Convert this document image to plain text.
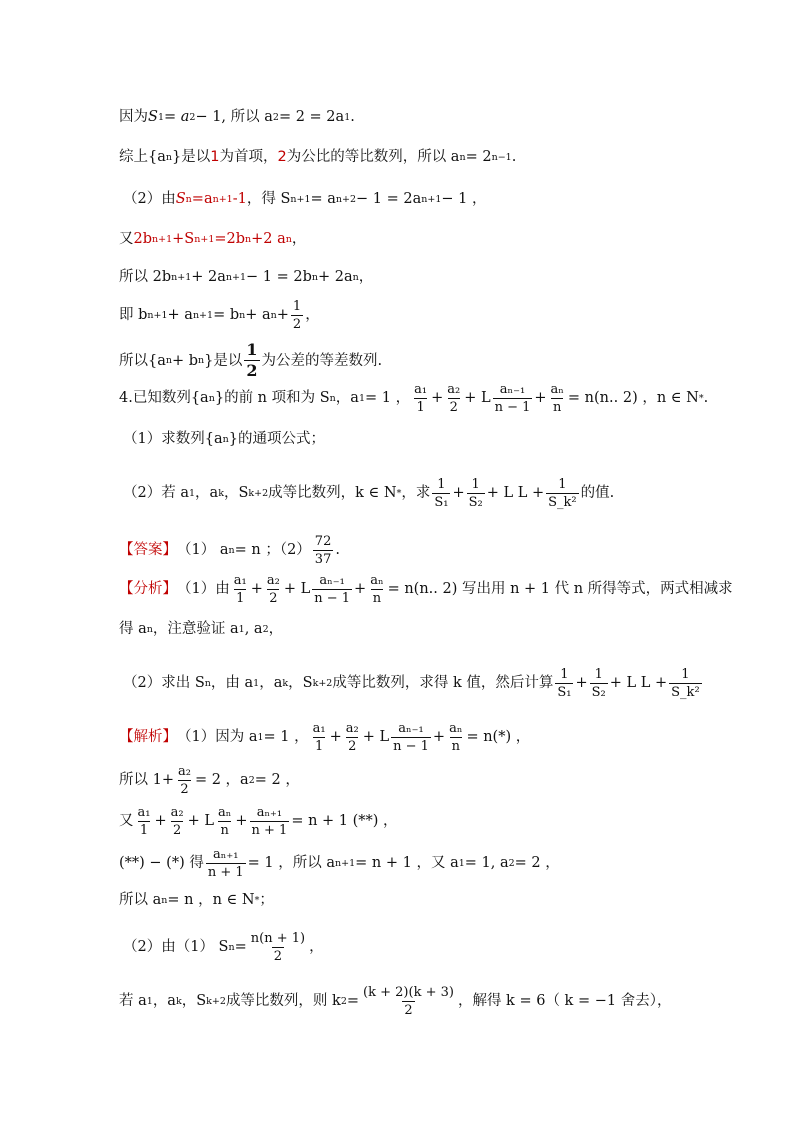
因为 S 1 = a 2 − 1, 所以 a 2 = 2 = 2a 1 .
综上{a n }是以 1 为首项， 2 为公比的等比数列，所以 a n = 2 n−1 .
（2）由 S n =a n+1 -1 ，得 S n+1 = a n+2 − 1 = 2a n+1 − 1 ，
又 2b n+1 +S n+1 =2b n +2 a n ，
所以 2b n+1 + 2a n+1 − 1 = 2b n + 2a n ，
即 b n+1 + a n+1 = b n + a $n + \frac{1}{2}$ ，
所以{a n + b n }是以 $\frac{1}{2}$ 为公差的等差数列.
4.已知数列{a n }的前 n 项和为 S n ，a 1 = 1 ， $\frac{\text{a₁}}{1} + \frac{\text{a₂}}{2} + L \frac{\text{aₙ₋₁}}{n - 1} + \frac{\text{aₙ}}{n} = n(n$.. 2) ，n ∈ N * .
（1）求数列{a n }的通项公式；
（2）若 a 1 ，a k ，S k+2 成等比数列，k ∈ N * ，求 $\frac{1}{\text{S₁}} + \frac{1}{\text{S₂}} + L$ $L + \frac{1}{\text{S\_k²}}$ 的值.
【答案】 （1） a n = n ；$(2) \frac{72}{37}$ .
【分析】 （1）由 $\frac{\text{a₁}}{1} + \frac{\text{a₂}}{2} + L \frac{\text{aₙ₋₁}}{n - 1} + \frac{\text{aₙ}}{n} = n(n$.. 2) 写出用 n + 1 代 n 所得等式，两式相减求
得 a n ，注意验证 a 1 , a 2 ，
（2）求出 S n ，由 a 1 ，a k ，S k+2 成等比数列，求得 k 值，然后计算 $\frac{1}{\text{S₁}} + \frac{1}{\text{S₂}} + L$ $L + \frac{1}{\text{S\_k²}}$
【解析】 （1）因为 a 1 = 1 ， $\frac{\text{a₁}}{1} + \frac{\text{a₂}}{2} + L \frac{\text{aₙ₋₁}}{n - 1} + \frac{\text{aₙ}}{n} = n(*)$ ，
所以 $1+ \frac{\text{a₂}}{2} = 2$ ，a 2 = 2 ，
又 $\frac{\text{a₁}}{1} + \frac{\text{a₂}}{2} + L \frac{\text{aₙ}}{n} + \frac{\text{aₙ₊₁}}{n + 1} = n + 1$ (**) ，
(**) − (*) 得 $\frac{\text{aₙ₊₁}}{n + 1} = 1$ ，所以 a n+1 = n + 1 ，又 a 1 = 1, a 2 = 2 ，
所以 a n = n ，n ∈ N * ；
（2）由（1） S $n = \frac{n(n + 1)}{2}$ ，
若 a 1 ，a k ，S k+2 成等比数列，则 k $2 = \frac{(k + 2)(k + 3)}{2}$ ，解得 k = 6（ k = −1 舍去），
